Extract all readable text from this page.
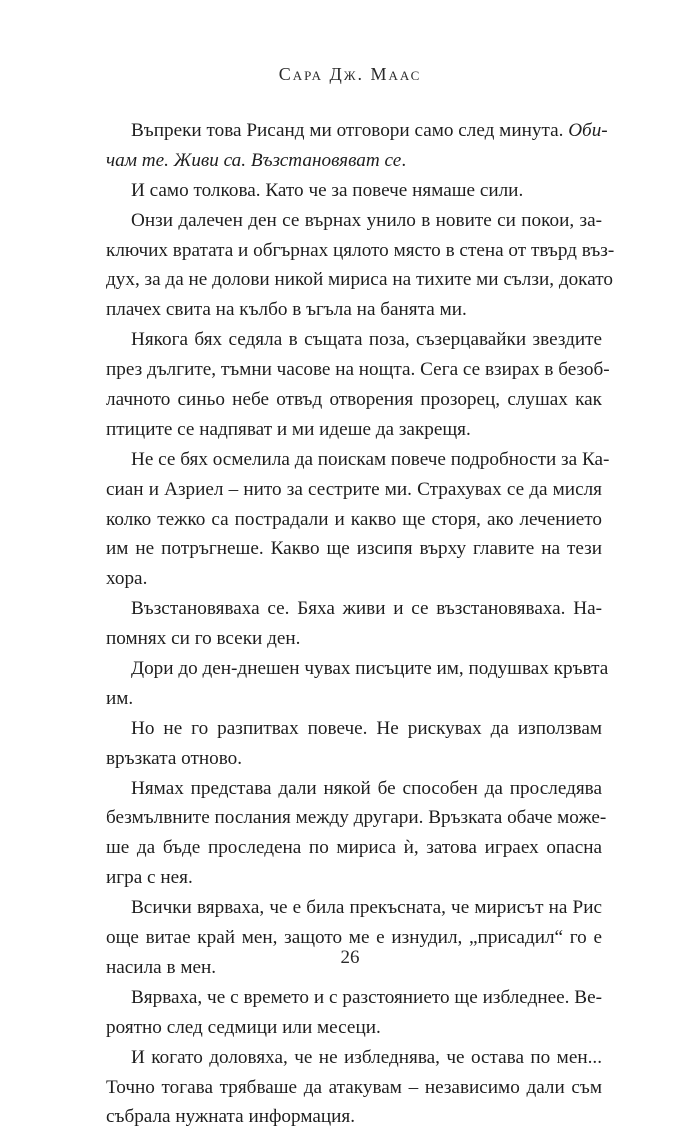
Сара Дж. Маас
Въпреки това Рисанд ми отговори само след минута. Оби-
чам те. Живи са. Възстановяват се.
И само толкова. Като че за повече нямаше сили.
Онзи далечен ден се върнах унило в новите си покои, за-
ключих вратата и обгърнах цялото място в стена от твърд въз-
дух, за да не долови никой мириса на тихите ми сълзи, докато
плачех свита на кълбо в ъгъла на банята ми.
Някога бях седяла в същата поза, съзерцавайки звездите
през дългите, тъмни часове на нощта. Сега се взирах в безоб-
лачното синьо небе отвъд отворения прозорец, слушах как
птиците се надпяват и ми идеше да закрещя.
Не се бях осмелила да поискам повече подробности за Ка-
сиан и Азриел – нито за сестрите ми. Страхувах се да мисля
колко тежко са пострадали и какво ще сторя, ако лечението
им не потръгнеше. Какво ще изсипя върху главите на тези
хора.
Възстановяваха се. Бяха живи и се възстановяваха. На-
помнях си го всеки ден.
Дори до ден-днешен чувах писъците им, подушвах кръвта
им.
Но не го разпитвах повече. Не рискувах да използвам
връзката отново.
Нямах представа дали някой бе способен да проследява
безмълвните послания между другари. Връзката обаче може-
ше да бъде проследена по мириса ѝ, затова играех опасна
игра с нея.
Всички вярваха, че е била прекъсната, че мирисът на Рис
още витае край мен, защото ме е изнудил, „присадил“ го е
насила в мен.
Вярваха, че с времето и с разстоянието ще избледнее. Ве-
роятно след седмици или месеци.
И когато доловяха, че не избледнява, че остава по мен...
Точно тогава трябваше да атакувам – независимо дали съм
събрала нужната информация.
26
